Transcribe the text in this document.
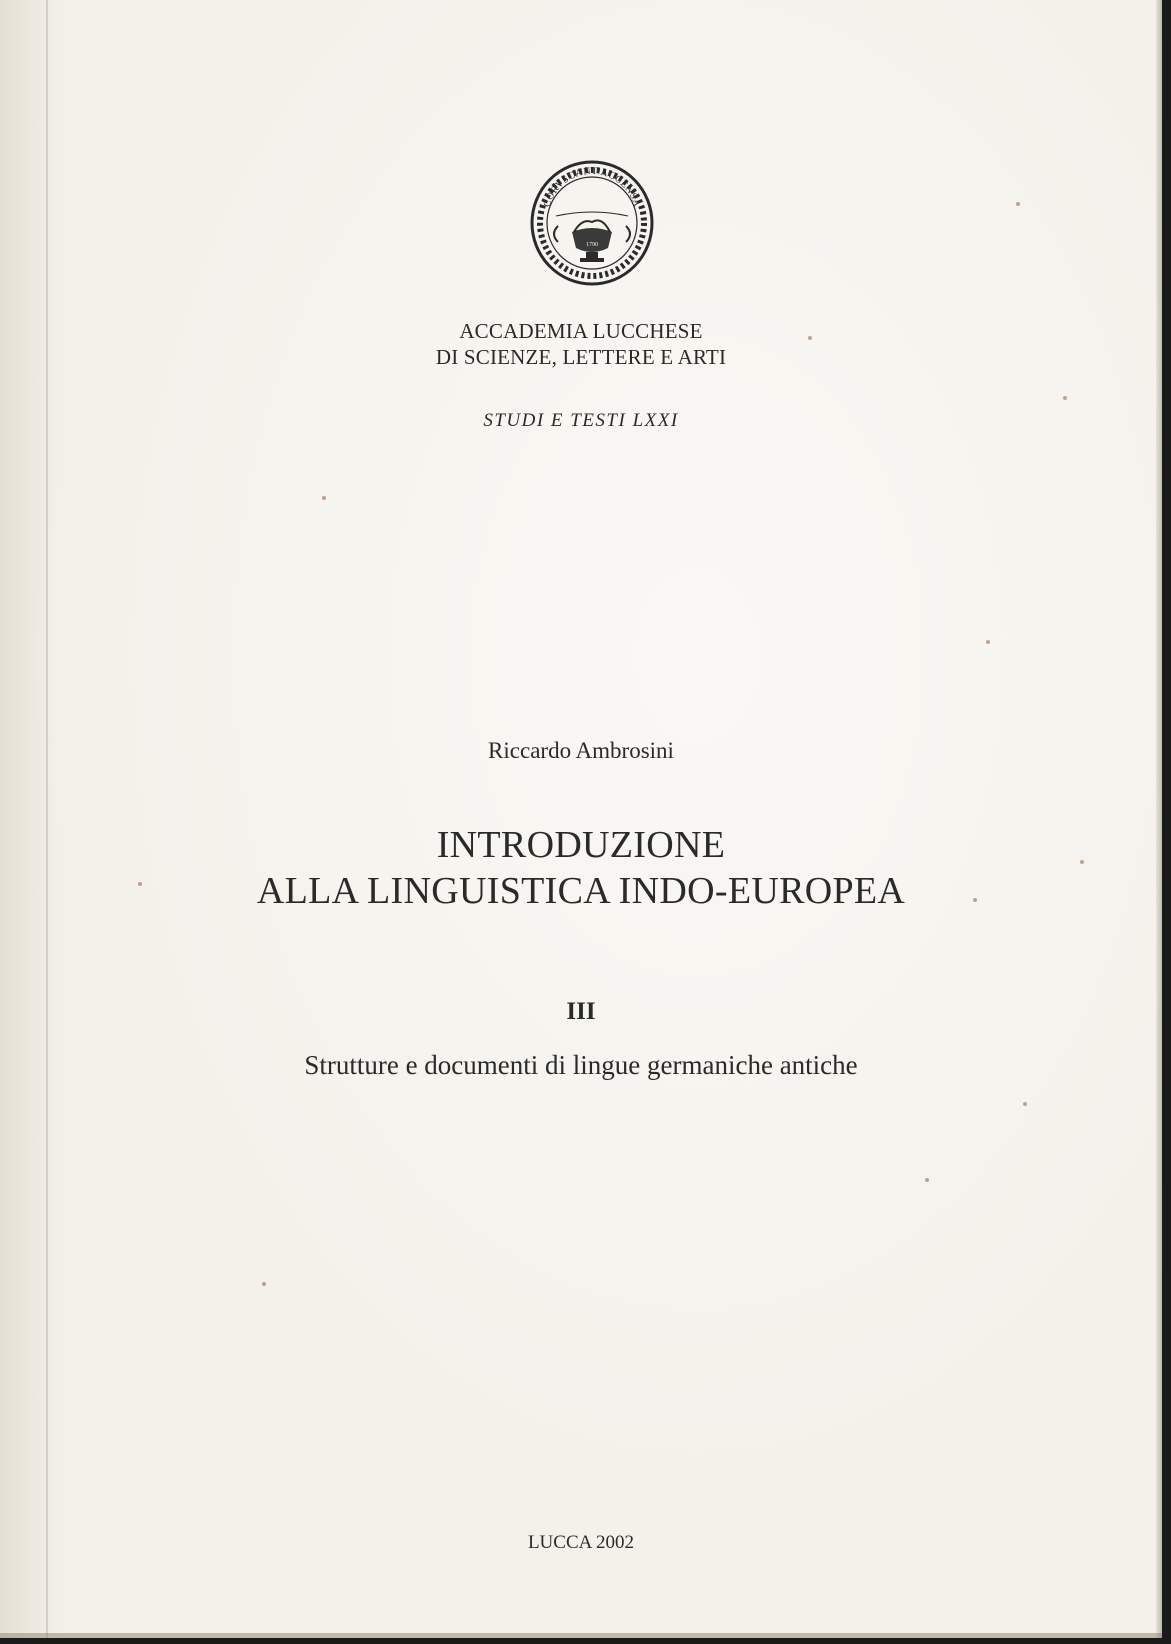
CORVSCANT ACCENSA
1790
ACCADEMIA LUCCHESE
DI SCIENZE, LETTERE E ARTI
STUDI E TESTI LXXI
Riccardo Ambrosini
INTRODUZIONE
ALLA LINGUISTICA INDO-EUROPEA
III
Strutture e documenti di lingue germaniche antiche
LUCCA 2002
